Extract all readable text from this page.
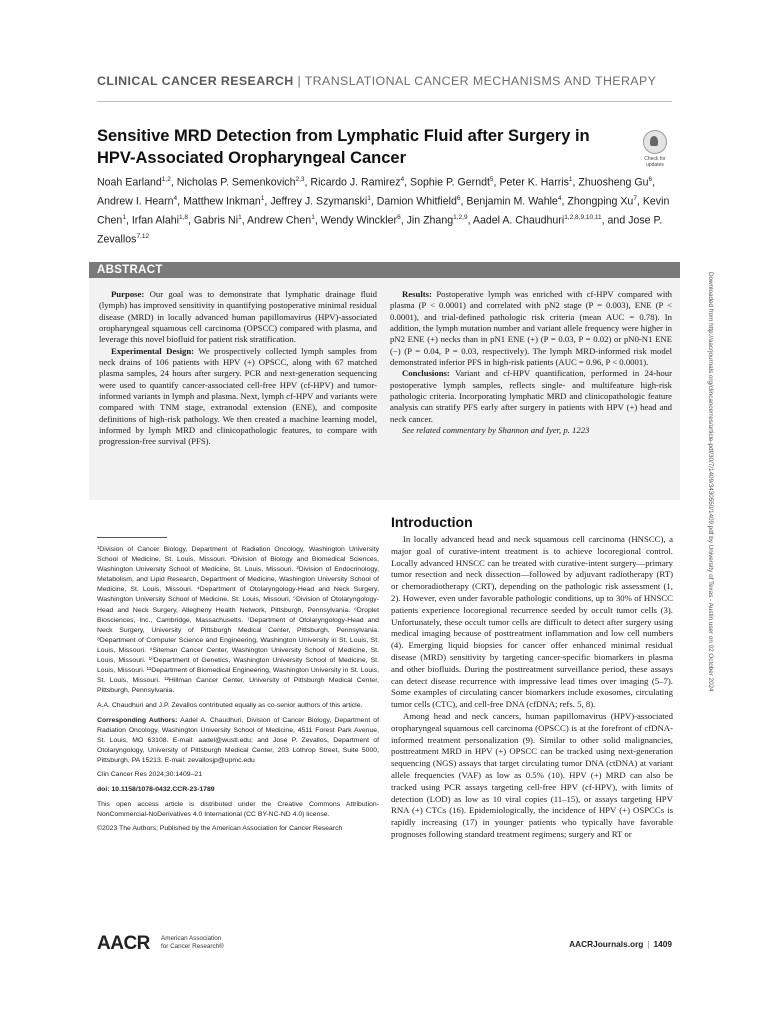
CLINICAL CANCER RESEARCH | TRANSLATIONAL CANCER MECHANISMS AND THERAPY
Sensitive MRD Detection from Lymphatic Fluid after Surgery in HPV-Associated Oropharyngeal Cancer	Check for updates
Noah Earland$^{1,2}$, Nicholas P. Semenkovich$^{2,3}$, Ricardo J. Ramirez$^4$, Sophie P. Gerndt$^5$, Peter K. Harris$^1$, Zhuosheng Gu$^6$, Andrew I. Hearn$^4$, Matthew Inkman$^1$, Jeffrey J. Szymanski$^1$, Damion Whitfield$^6$, Benjamin M. Wahle$^4$, Zhongping Xu$^7$, Kevin Chen$^1$, Irfan Alahi$^{1,8}$, Gabris Ni$^1$, Andrew Chen$^1$, Wendy Winckler$^6$, Jin Zhang$^{1,2,9}$, Aadel A. Chaudhuri$^{1,2,8,9,10,11}$, and Jose P. Zevallos$^{7,12}$
ABSTRACT

Purpose: Our goal was to demonstrate that lymphatic drainage fluid (lymph) has improved sensitivity in quantifying postoperative minimal residual disease (MRD) in locally advanced human papillomavirus (HPV)-associated oropharyngeal squamous cell carcinoma (OPSCC) compared with plasma, and leverage this novel biofluid for patient risk stratification.

Experimental Design: We prospectively collected lymph samples from neck drains of 106 patients with HPV (+) OPSCC, along with 67 matched plasma samples, 24 hours after surgery. PCR and next-generation sequencing were used to quantify cancer-associated cell-free HPV (cf-HPV) and tumor-informed variants in lymph and plasma. Next, lymph cf-HPV and variants were compared with TNM stage, extranodal extension (ENE), and composite definitions of high-risk pathology. We then created a machine learning model, informed by lymph MRD and clinicopathologic features, to compare with progression-free survival (PFS).

Results: Postoperative lymph was enriched with cf-HPV compared with plasma (P < 0.0001) and correlated with pN2 stage (P = 0.003), ENE (P < 0.0001), and trial-defined pathologic risk criteria (mean AUC = 0.78). In addition, the lymph mutation number and variant allele frequency were higher in pN2 ENE (+) necks than in pN1 ENE (+) (P = 0.03, P = 0.02) or pN0-N1 ENE (−) (P = 0.04, P = 0.03, respectively). The lymph MRD-informed risk model demonstrated inferior PFS in high-risk patients (AUC = 0.96, P < 0.0001).

Conclusions: Variant and cf-HPV quantification, performed in 24-hour postoperative lymph samples, reflects single- and multifeature high-risk pathologic criteria. Incorporating lymphatic MRD and clinicopathologic feature analysis can stratify PFS early after surgery in patients with HPV (+) head and neck cancer.

See related commentary by Shannon and Iyer, p. 1223

Introduction

In locally advanced head and neck squamous cell carcinoma (HNSCC), a major goal of curative-intent treatment is to achieve locoregional control. Locally advanced HNSCC can be treated with curative-intent surgery—primary tumor resection and neck dissection—followed by adjuvant radiotherapy (RT) or chemoradiotherapy (CRT), depending on the pathologic risk assessment (1, 2). However, even under favorable pathologic conditions, up to 30% of HNSCC patients experience locoregional recurrence seeded by occult tumor cells (3). Unfortunately, these occult tumor cells are difficult to detect after surgery using medical imaging because of posttreatment inflammation and low cell numbers (4). Emerging liquid biopsies for cancer offer enhanced minimal residual disease (MRD) sensitivity by targeting cancer-specific biomarkers in plasma and other biofluids. During the posttreatment surveillance period, these assays can detect disease recurrence with impressive lead times over imaging (5–7). Some examples of circulating cancer biomarkers include exosomes, circulating tumor cells (CTC), and cell-free DNA (cfDNA; refs. 5, 8).

Among head and neck cancers, human papillomavirus (HPV)-associated oropharyngeal squamous cell carcinoma (OPSCC) is at the forefront of cfDNA-informed treatment personalization (9). Similar to other solid malignancies, posttreatment MRD in HPV (+) OPSCC can be tracked using next-generation sequencing (NGS) assays that target circulating tumor DNA (ctDNA) at variant allele frequencies (VAF) as low as 0.5% (10). HPV (+) MRD can also be tracked using PCR assays targeting cell-free HPV (cf-HPV), with limits of detection (LOD) as low as 10 viral copies (11–15), or assays targeting HPV RNA (+) CTCs (16). Epidemiologically, the incidence of HPV (+) OSPCCs is rapidly increasing (17) in younger patients who typically have favorable prognoses following standard treatment regimens; surgery and RT or

¹Division of Cancer Biology, Department of Radiation Oncology, Washington University School of Medicine, St. Louis, Missouri. ²Division of Biology and Biomedical Sciences, Washington University School of Medicine, St. Louis, Missouri. ³Division of Endocrinology, Metabolism, and Lipid Research, Department of Medicine, Washington University School of Medicine, St. Louis, Missouri. ⁴Department of Otolaryngology-Head and Neck Surgery, Washington University School of Medicine, St. Louis, Missouri. ⁵Division of Otolaryngology-Head and Neck Surgery, Allegheny Health Network, Pittsburgh, Pennsylvania. ⁶Droplet Biosciences, Inc., Cambridge, Massachusetts. ⁷Department of Otolaryngology-Head and Neck Surgery, University of Pittsburgh Medical Center, Pittsburgh, Pennsylvania. ⁸Department of Computer Science and Engineering, Washington University in St. Louis, St. Louis, Missouri. ⁹Siteman Cancer Center, Washington University School of Medicine, St. Louis, Missouri. ¹⁰Department of Genetics, Washington University School of Medicine, St. Louis, Missouri. ¹¹Department of Biomedical Engineering, Washington University in St. Louis, St. Louis, Missouri. ¹²Hillman Cancer Center, University of Pittsburgh Medical Center, Pittsburgh, Pennsylvania.

A.A. Chaudhuri and J.P. Zevallos contributed equally as co-senior authors of this article.

Corresponding Authors: Aadel A. Chaudhuri, Division of Cancer Biology, Department of Radiation Oncology, Washington University School of Medicine, 4511 Forest Park Avenue, St. Louis, MO 63108. E-mail: aadel@wustl.edu; and Jose P. Zevallos, Department of Otolaryngology, University of Pittsburgh Medical Center, 203 Lothrop Street, Suite 5000, Pittsburgh, PA 15213. E-mail: zevallosjp@upmc.edu

Clin Cancer Res 2024;30:1409–21

doi: 10.1158/1078-0432.CCR-23-1789

This open access article is distributed under the Creative Commons Attribution-NonCommercial-NoDerivatives 4.0 International (CC BY-NC-ND 4.0) license.

©2023 The Authors; Published by the American Association for Cancer Research

Downloaded from http://aacrjournals.org/clincancerres/article-pdf/30/7/1409/3430550/1409.pdf by University of Texas - Austin user on 02 October 2024
AACR American Association
for Cancer Research®	AACRJournals.org | 1409
